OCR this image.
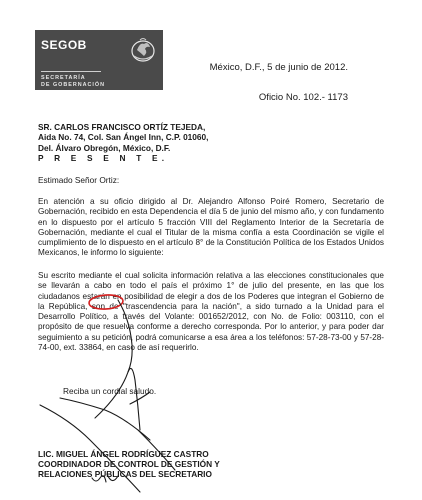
SEGOB
SECRETARÍA
DE GOBERNACIÓN
México, D.F., 5 de junio de 2012.
Oficio No. 102.- 1173
SR. CARLOS FRANCISCO ORTÍZ TEJEDA,
Aida No. 74, Col. San Ángel Inn, C.P. 01060,
Del. Álvaro Obregón, México, D.F.
P R E S E N T E.
Estimado Señor Ortiz:
En atención a su oficio dirigido al Dr. Alejandro Alfonso Poiré Romero, Secretario de Gobernación, recibido en esta Dependencia el día 5 de junio del mismo año, y con fundamento en lo dispuesto por el artículo 5 fracción VIII del Reglamento Interior de la Secretaría de Gobernación, mediante el cual el Titular de la misma confía a esta Coordinación se vigile el cumplimiento de lo dispuesto en el artículo 8° de la Constitución Política de los Estados Unidos Mexicanos, le informo lo siguiente:
Su escrito mediante el cual solicita información relativa a las elecciones constitucionales que se llevarán a cabo en todo el país el próximo 1° de julio del presente, en las que los ciudadanos estarán en posibilidad de elegir a dos de los Poderes que integran el Gobierno de la República, son de "trascendencia para la nación", a sido turnado a la Unidad para el Desarrollo Político, a través del Volante: 001652/2012, con No. de Folio: 003110, con el propósito de que resuelva conforme a derecho corresponda. Por lo anterior, y para poder dar seguimiento a su petición, podrá comunicarse a esa área a los teléfonos: 57-28-73-00 y 57-28-74-00, ext. 33864, en caso de así requerirlo.
Reciba un cordial saludo.
LIC. MIGUEL ÁNGEL RODRÍGUEZ CASTRO
COORDINADOR DE CONTROL DE GESTIÓN Y
RELACIONES PÚBLICAS DEL SECRETARIO
